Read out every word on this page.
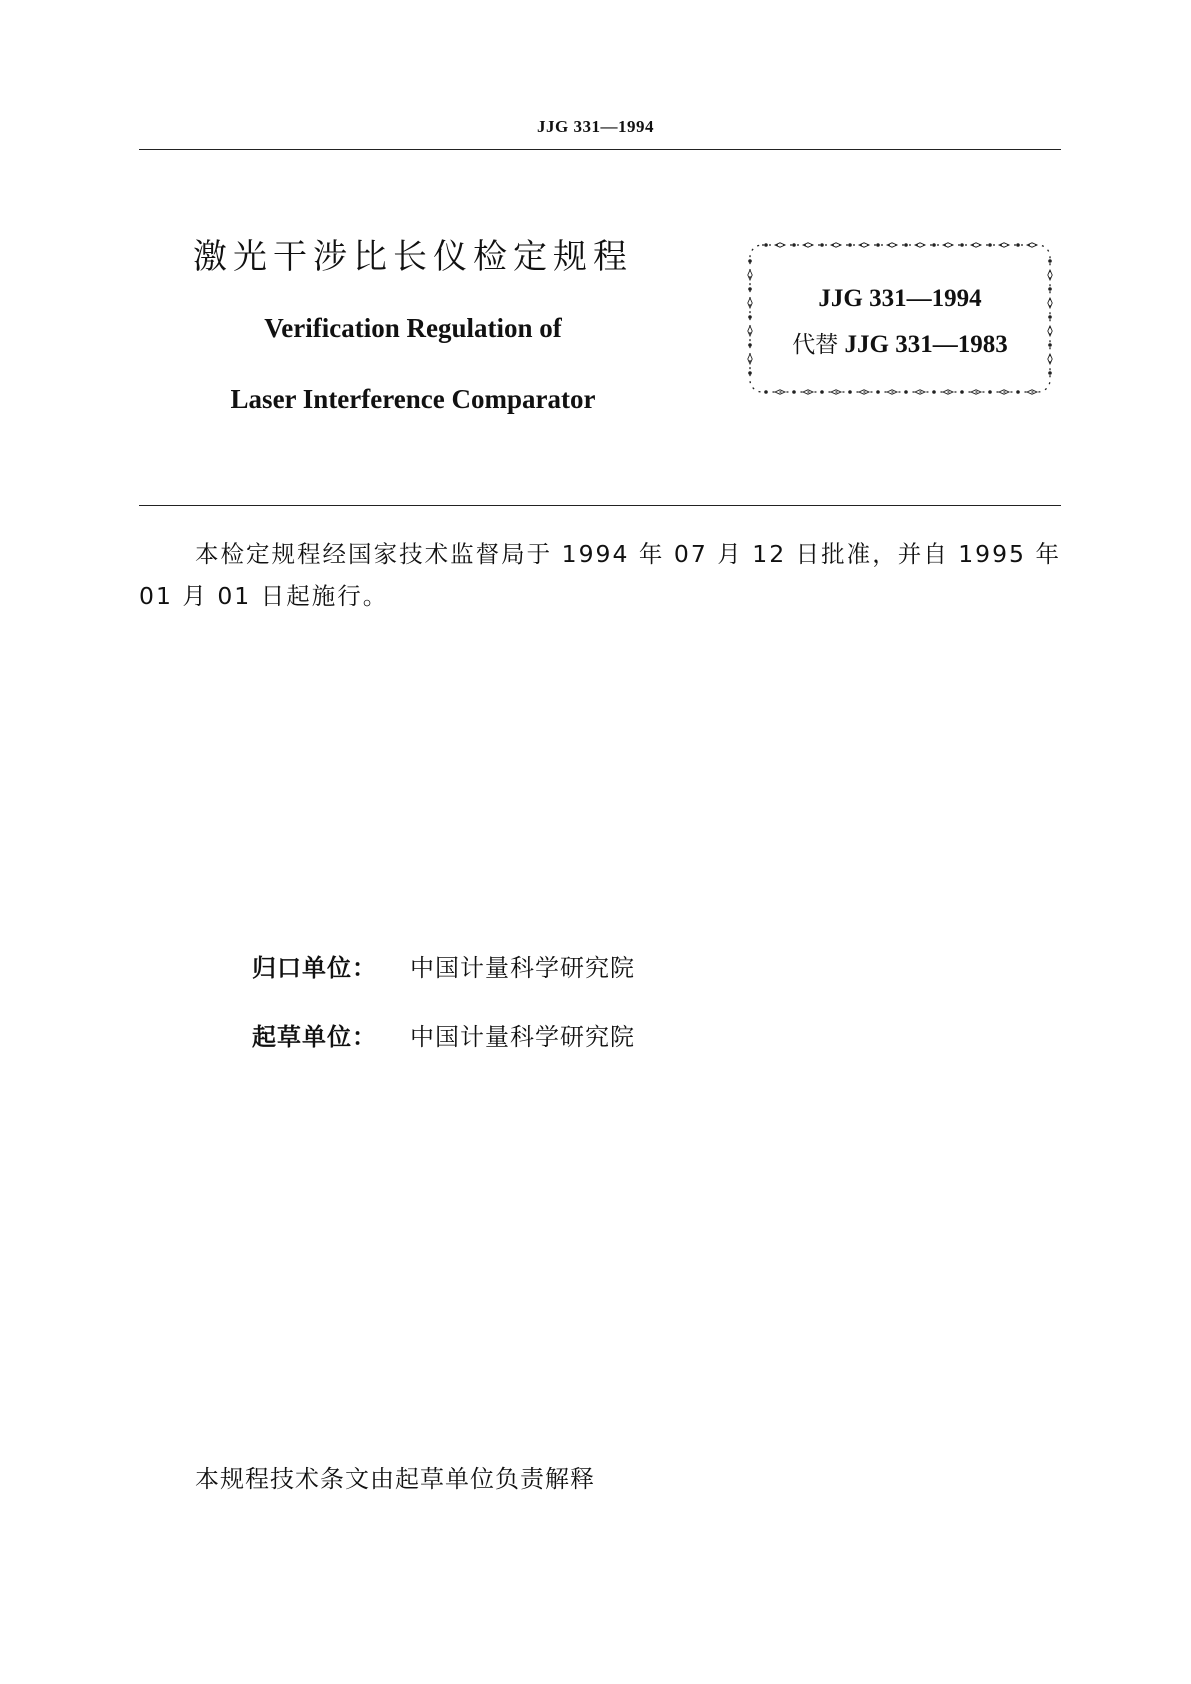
JJG 331—1994
激光干涉比长仪检定规程
Verification Regulation of
Laser Interference Comparator
JJG 331—1994
代替 JJG 331—1983
本检定规程经国家技术监督局于 1994 年 07 月 12 日批准，并自 1995 年 01 月 01 日起施行。
归口单位： 中国计量科学研究院
起草单位： 中国计量科学研究院
本规程技术条文由起草单位负责解释
